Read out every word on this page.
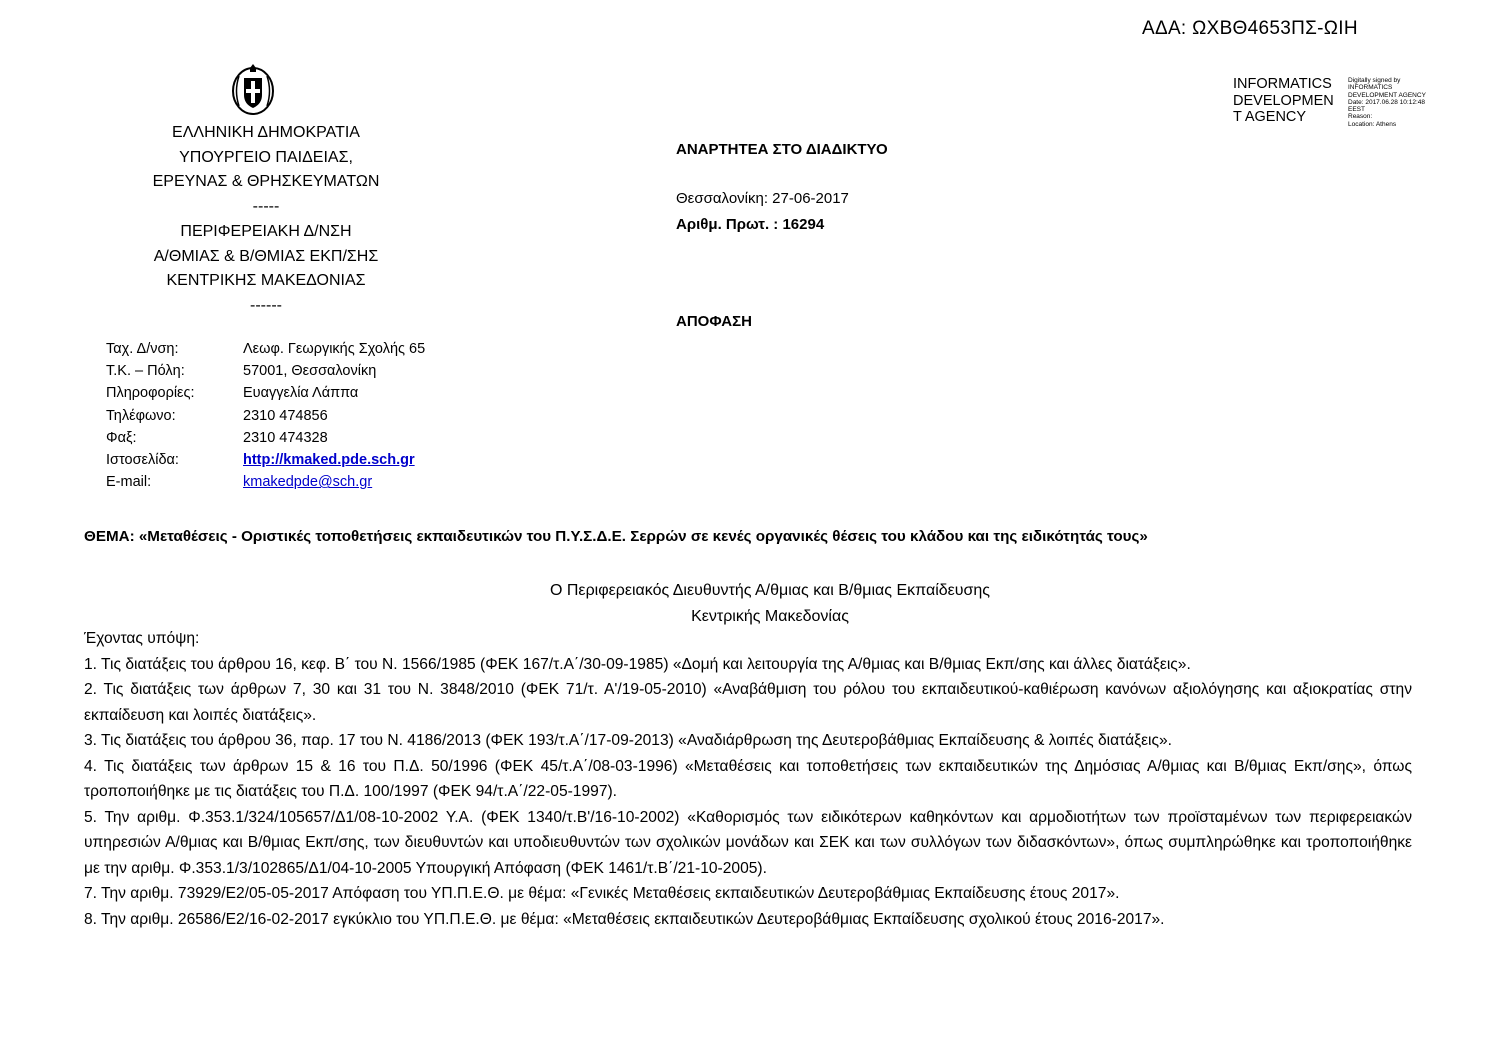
ΑΔΑ: ΩΧΒΘ4653ΠΣ-ΩΙΗ
ΕΛΛΗΝΙΚΗ ΔΗΜΟΚΡΑΤΙΑ
ΥΠΟΥΡΓΕΙΟ ΠΑΙΔΕΙΑΣ,
ΕΡΕΥΝΑΣ & ΘΡΗΣΚΕΥΜΑΤΩΝ
-----
ΠΕΡΙΦΕΡΕΙΑΚΗ Δ/ΝΣΗ
Α/ΘΜΙΑΣ & Β/ΘΜΙΑΣ ΕΚΠ/ΣΗΣ
ΚΕΝΤΡΙΚΗΣ ΜΑΚΕΔΟΝΙΑΣ
------
Ταχ. Δ/νση:	Λεωφ. Γεωργικής Σχολής 65
Τ.Κ. – Πόλη:	57001, Θεσσαλονίκη
Πληροφορίες:	Ευαγγελία Λάππα
Τηλέφωνο:	2310 474856
Φαξ:	2310 474328
Ιστοσελίδα:	http://kmaked.pde.sch.gr
E-mail:	kmakedpde@sch.gr
ΑΝΑΡΤΗΤΕΑ ΣΤΟ ΔΙΑΔΙΚΤΥΟ
Θεσσαλονίκη: 27-06-2017
Αριθμ. Πρωτ. : 16294
ΑΠΟΦΑΣΗ
INFORMATICS
DEVELOPMEN
T AGENCY
Digitally signed by
INFORMATICS
DEVELOPMENT AGENCY
Date: 2017.06.28 10:12:48
EEST
Reason:
Location: Athens
ΘΕΜΑ: «Μεταθέσεις - Οριστικές τοποθετήσεις εκπαιδευτικών του Π.Υ.Σ.Δ.Ε. Σερρών σε κενές οργανικές θέσεις του κλάδου και της ειδικότητάς τους»
Ο Περιφερειακός Διευθυντής Α/θμιας και Β/θμιας Εκπαίδευσης
Κεντρικής Μακεδονίας

Έχοντας υπόψη:

1. Τις διατάξεις του άρθρου 16, κεφ. Β΄ του Ν. 1566/1985 (ΦΕΚ 167/τ.Α΄/30-09-1985) «Δομή και λειτουργία της Α/θμιας και Β/θμιας Εκπ/σης και άλλες διατάξεις».

2. Τις διατάξεις των άρθρων 7, 30 και 31 του Ν. 3848/2010 (ΦΕΚ 71/τ. Α'/19-05-2010) «Αναβάθμιση του ρόλου του εκπαιδευτικού-καθιέρωση κανόνων αξιολόγησης και αξιοκρατίας στην εκπαίδευση και λοιπές διατάξεις».

3. Τις διατάξεις του άρθρου 36, παρ. 17 του Ν. 4186/2013 (ΦΕΚ 193/τ.Α΄/17-09-2013) «Αναδιάρθρωση της Δευτεροβάθμιας Εκπαίδευσης & λοιπές διατάξεις».

4. Τις διατάξεις των άρθρων 15 & 16 του Π.Δ. 50/1996 (ΦΕΚ 45/τ.Α΄/08-03-1996) «Μεταθέσεις και τοποθετήσεις των εκπαιδευτικών της Δημόσιας Α/θμιας και Β/θμιας Εκπ/σης», όπως τροποποιήθηκε με τις διατάξεις του Π.Δ. 100/1997 (ΦΕΚ 94/τ.Α΄/22-05-1997).

5. Την αριθμ. Φ.353.1/324/105657/Δ1/08-10-2002 Υ.Α. (ΦΕΚ 1340/τ.Β'/16-10-2002) «Καθορισμός των ειδικότερων καθηκόντων και αρμοδιοτήτων των προϊσταμένων των περιφερειακών υπηρεσιών Α/θμιας και Β/θμιας Εκπ/σης, των διευθυντών και υποδιευθυντών των σχολικών μονάδων και ΣΕΚ και των συλλόγων των διδασκόντων», όπως συμπληρώθηκε και τροποποιήθηκε με την αριθμ. Φ.353.1/3/102865/Δ1/04-10-2005 Υπουργική Απόφαση (ΦΕΚ 1461/τ.Β΄/21-10-2005).

7. Την αριθμ. 73929/Ε2/05-05-2017 Απόφαση του ΥΠ.Π.Ε.Θ. με θέμα: «Γενικές Μεταθέσεις εκπαιδευτικών Δευτεροβάθμιας Εκπαίδευσης έτους 2017».

8. Την αριθμ. 26586/Ε2/16-02-2017 εγκύκλιο του ΥΠ.Π.Ε.Θ. με θέμα: «Μεταθέσεις εκπαιδευτικών Δευτεροβάθμιας Εκπαίδευσης σχολικού έτους 2016-2017».
